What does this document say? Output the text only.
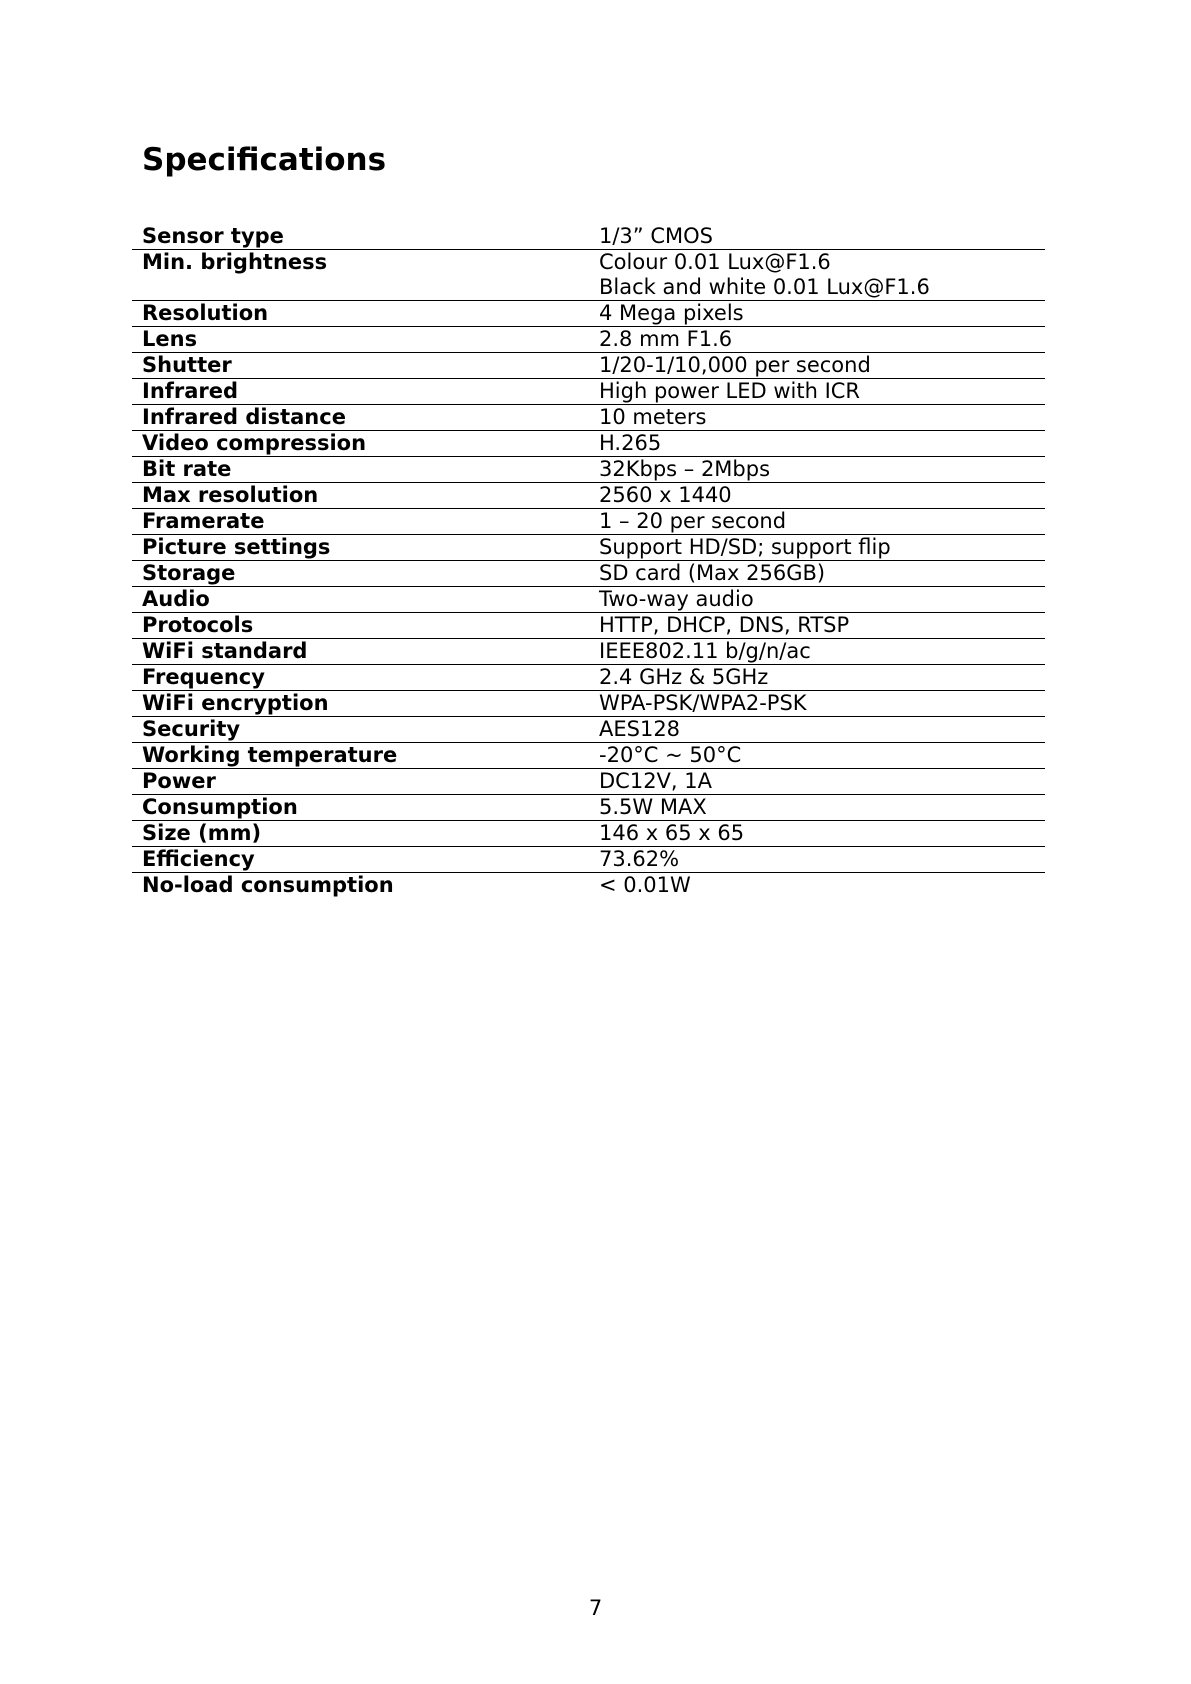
Specifications
Sensor type	1/3” CMOS

Min. brightness	Colour 0.01 Lux@F1.6
Black and white 0.01 Lux@F1.6

Resolution	4 Mega pixels

Lens	2.8 mm F1.6

Shutter	1/20-1/10,000 per second

Infrared	High power LED with ICR

Infrared distance	10 meters

Video compression	H.265

Bit rate	32Kbps – 2Mbps

Max resolution	2560 x 1440

Framerate	1 – 20 per second

Picture settings	Support HD/SD; support flip

Storage	SD card (Max 256GB)

Audio	Two-way audio

Protocols	HTTP, DHCP, DNS, RTSP

WiFi standard	IEEE802.11 b/g/n/ac

Frequency	2.4 GHz & 5GHz

WiFi encryption	WPA-PSK/WPA2-PSK

Security	AES128

Working temperature	-20°C ~ 50°C

Power	DC12V, 1A

Consumption	5.5W MAX

Size (mm)	146 x 65 x 65

Efficiency	73.62%

No-load consumption	< 0.01W
7
